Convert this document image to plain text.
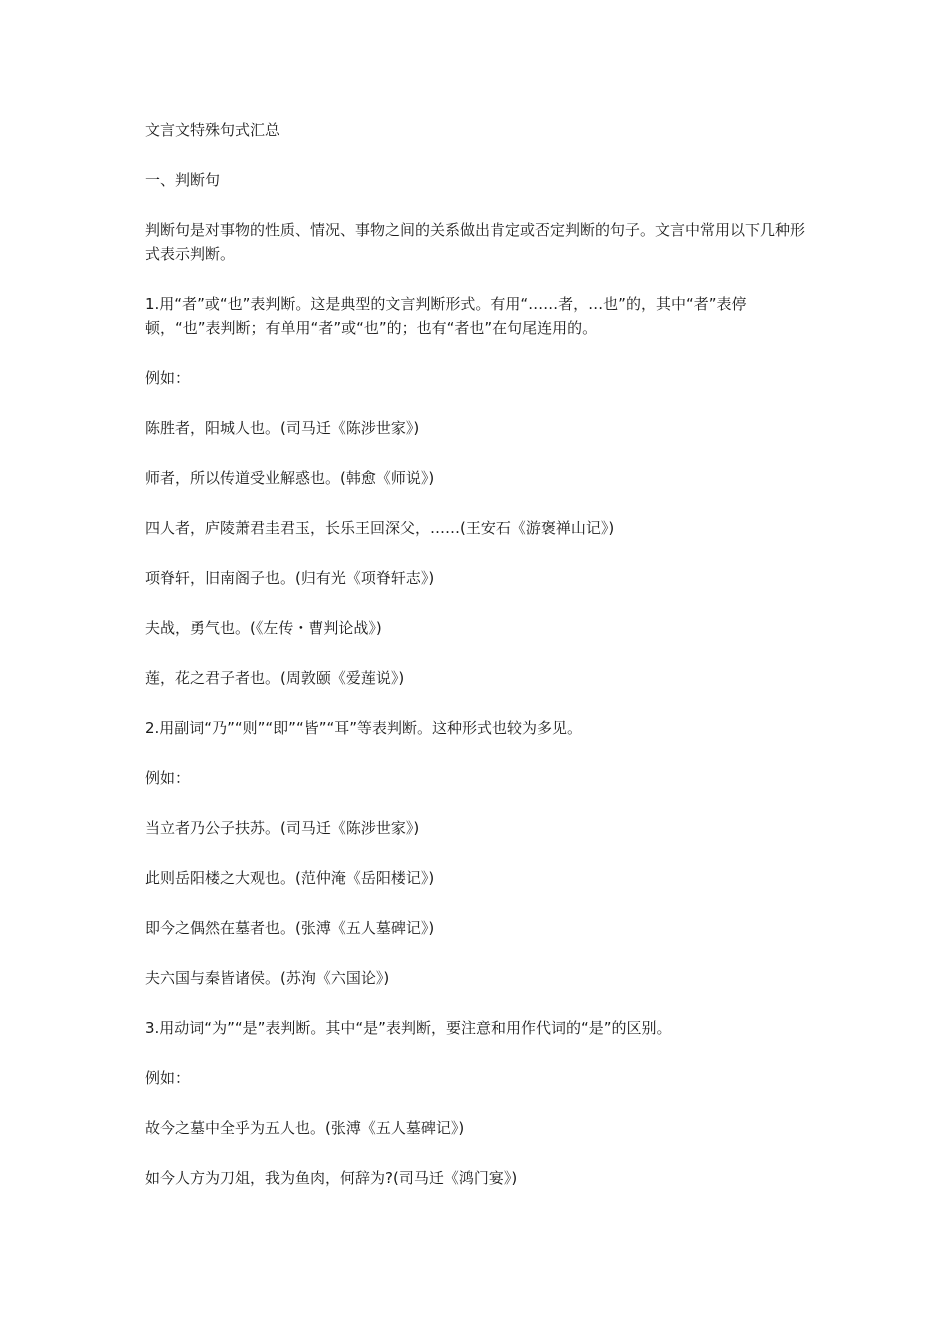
文言文特殊句式汇总

一、判断句

判断句是对事物的性质、情况、事物之间的关系做出肯定或否定判断的句子。文言中常用以下几种形式表示判断。

1.用“者”或“也”表判断。这是典型的文言判断形式。有用“……者，…也”的，其中“者”表停顿，“也”表判断；有单用“者”或“也”的；也有“者也”在句尾连用的。

例如：

陈胜者，阳城人也。(司马迁《陈涉世家》)

师者，所以传道受业解惑也。(韩愈《师说》)

四人者，庐陵萧君圭君玉，长乐王回深父，……(王安石《游褒禅山记》)

项脊轩，旧南阁子也。(归有光《项脊轩志》)

夫战，勇气也。(《左传・曹判论战》)

莲，花之君子者也。(周敦颐《爱莲说》)

2.用副词“乃”“则”“即”“皆”“耳”等表判断。这种形式也较为多见。

例如：

当立者乃公子扶苏。(司马迁《陈涉世家》)

此则岳阳楼之大观也。(范仲淹《岳阳楼记》)

即今之偶然在墓者也。(张溥《五人墓碑记》)

夫六国与秦皆诸侯。(苏洵《六国论》)

3.用动词“为”“是”表判断。其中“是”表判断，要注意和用作代词的“是”的区别。

例如：

故今之墓中全乎为五人也。(张溥《五人墓碑记》)

如今人方为刀俎，我为鱼肉，何辞为?(司马迁《鸿门宴》)
